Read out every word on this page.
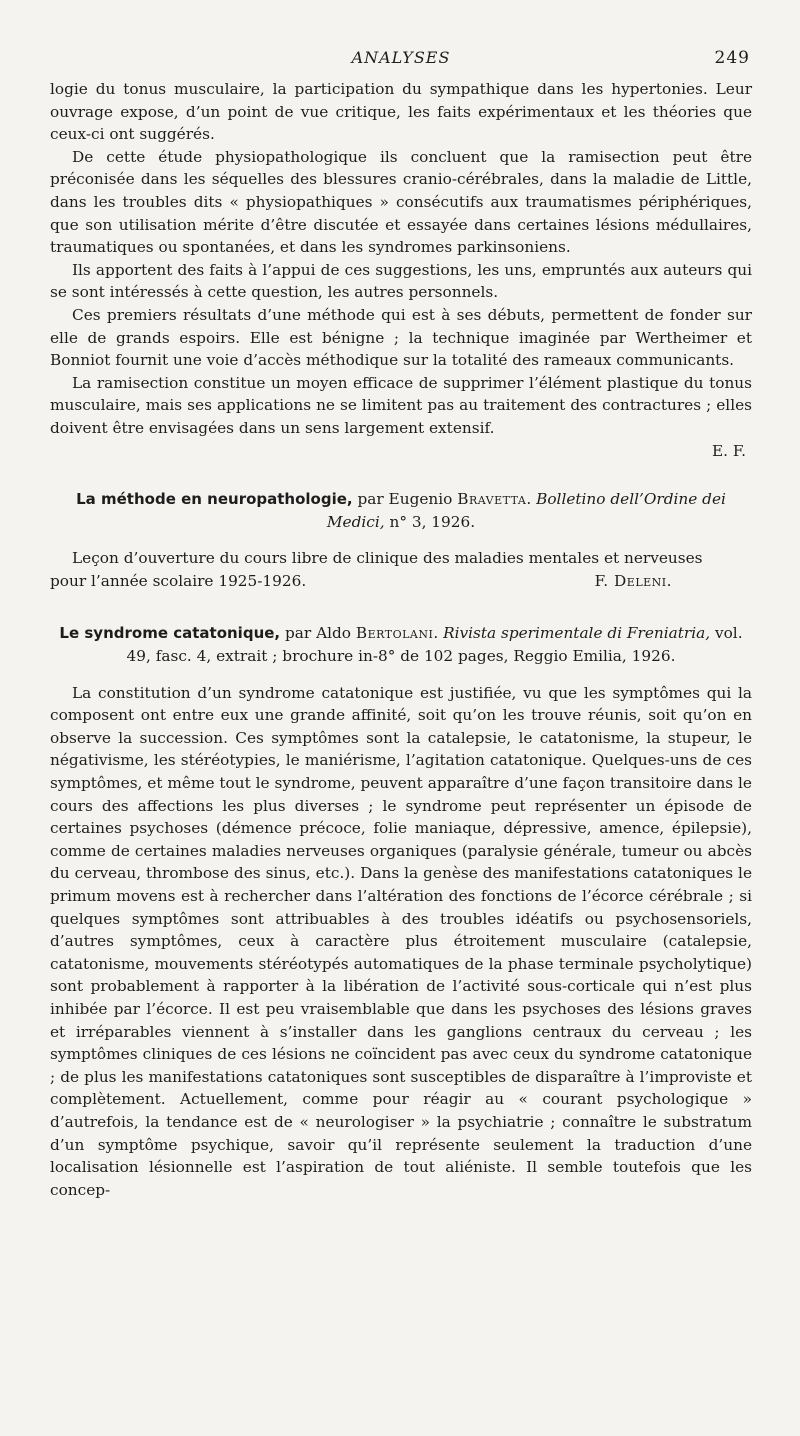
ANALYSES	249

logie du tonus musculaire, la participation du sympathique dans les hypertonies. Leur ouvrage expose, d’un point de vue critique, les faits expérimentaux et les théories que ceux-ci ont suggérés.

De cette étude physiopathologique ils concluent que la ramisection peut être préconisée dans les séquelles des blessures cranio-cérébrales, dans la maladie de Little, dans les troubles dits « physiopathiques » consécutifs aux traumatismes périphériques, que son utilisation mérite d’être discutée et essayée dans certaines lésions médullaires, traumatiques ou spontanées, et dans les syndromes parkinsoniens.

Ils apportent des faits à l’appui de ces suggestions, les uns, empruntés aux auteurs qui se sont intéressés à cette question, les autres personnels.

Ces premiers résultats d’une méthode qui est à ses débuts, permettent de fonder sur elle de grands espoirs. Elle est bénigne ; la technique imaginée par Wertheimer et Bonniot fournit une voie d’accès méthodique sur la totalité des rameaux communicants.

La ramisection constitue un moyen efficace de supprimer l’élément plastique du tonus musculaire, mais ses applications ne se limitent pas au traitement des contractures ; elles doivent être envisagées dans un sens largement extensif.

E. F.
La méthode en neuropathologie, par Eugenio Bravetta. Bolletino dell’Ordine dei Medici, n° 3, 1926.

Leçon d’ouverture du cours libre de clinique des maladies mentales et nerveuses

pour l’année scolaire 1925-1926.	F. Deleni.
Le syndrome catatonique, par Aldo Bertolani. Rivista sperimentale di Freniatria, vol. 49, fasc. 4, extrait ; brochure in-8° de 102 pages, Reggio Emilia, 1926.

La constitution d’un syndrome catatonique est justifiée, vu que les symptômes qui la composent ont entre eux une grande affinité, soit qu’on les trouve réunis, soit qu’on en observe la succession. Ces symptômes sont la catalepsie, le catatonisme, la stupeur, le négativisme, les stéréotypies, le maniérisme, l’agitation catatonique. Quelques-uns de ces symptômes, et même tout le syndrome, peuvent apparaître d’une façon transitoire dans le cours des affections les plus diverses ; le syndrome peut représenter un épisode de certaines psychoses (démence précoce, folie maniaque, dépressive, amence, épilepsie), comme de certaines maladies nerveuses organiques (paralysie générale, tumeur ou abcès du cerveau, thrombose des sinus, etc.). Dans la genèse des manifestations catatoniques le primum movens est à rechercher dans l’altération des fonctions de l’écorce cérébrale ; si quelques symptômes sont attribuables à des troubles idéatifs ou psychosensoriels, d’autres symptômes, ceux à caractère plus étroitement musculaire (catalepsie, catatonisme, mouvements stéréotypés automatiques de la phase terminale psycholytique) sont probablement à rapporter à la libération de l’activité sous-corticale qui n’est plus inhibée par l’écorce. Il est peu vraisemblable que dans les psychoses des lésions graves et irréparables viennent à s’installer dans les ganglions centraux du cerveau ; les symptômes cliniques de ces lésions ne coïncident pas avec ceux du syndrome catatonique ; de plus les manifestations catatoniques sont susceptibles de disparaître à l’improviste et complètement. Actuellement, comme pour réagir au « courant psychologique » d’autrefois, la tendance est de « neurologiser » la psychiatrie ; connaître le substratum d’un symptôme psychique, savoir qu’il représente seulement la traduction d’une localisation lésionnelle est l’aspiration de tout aliéniste. Il semble toutefois que les concep-
